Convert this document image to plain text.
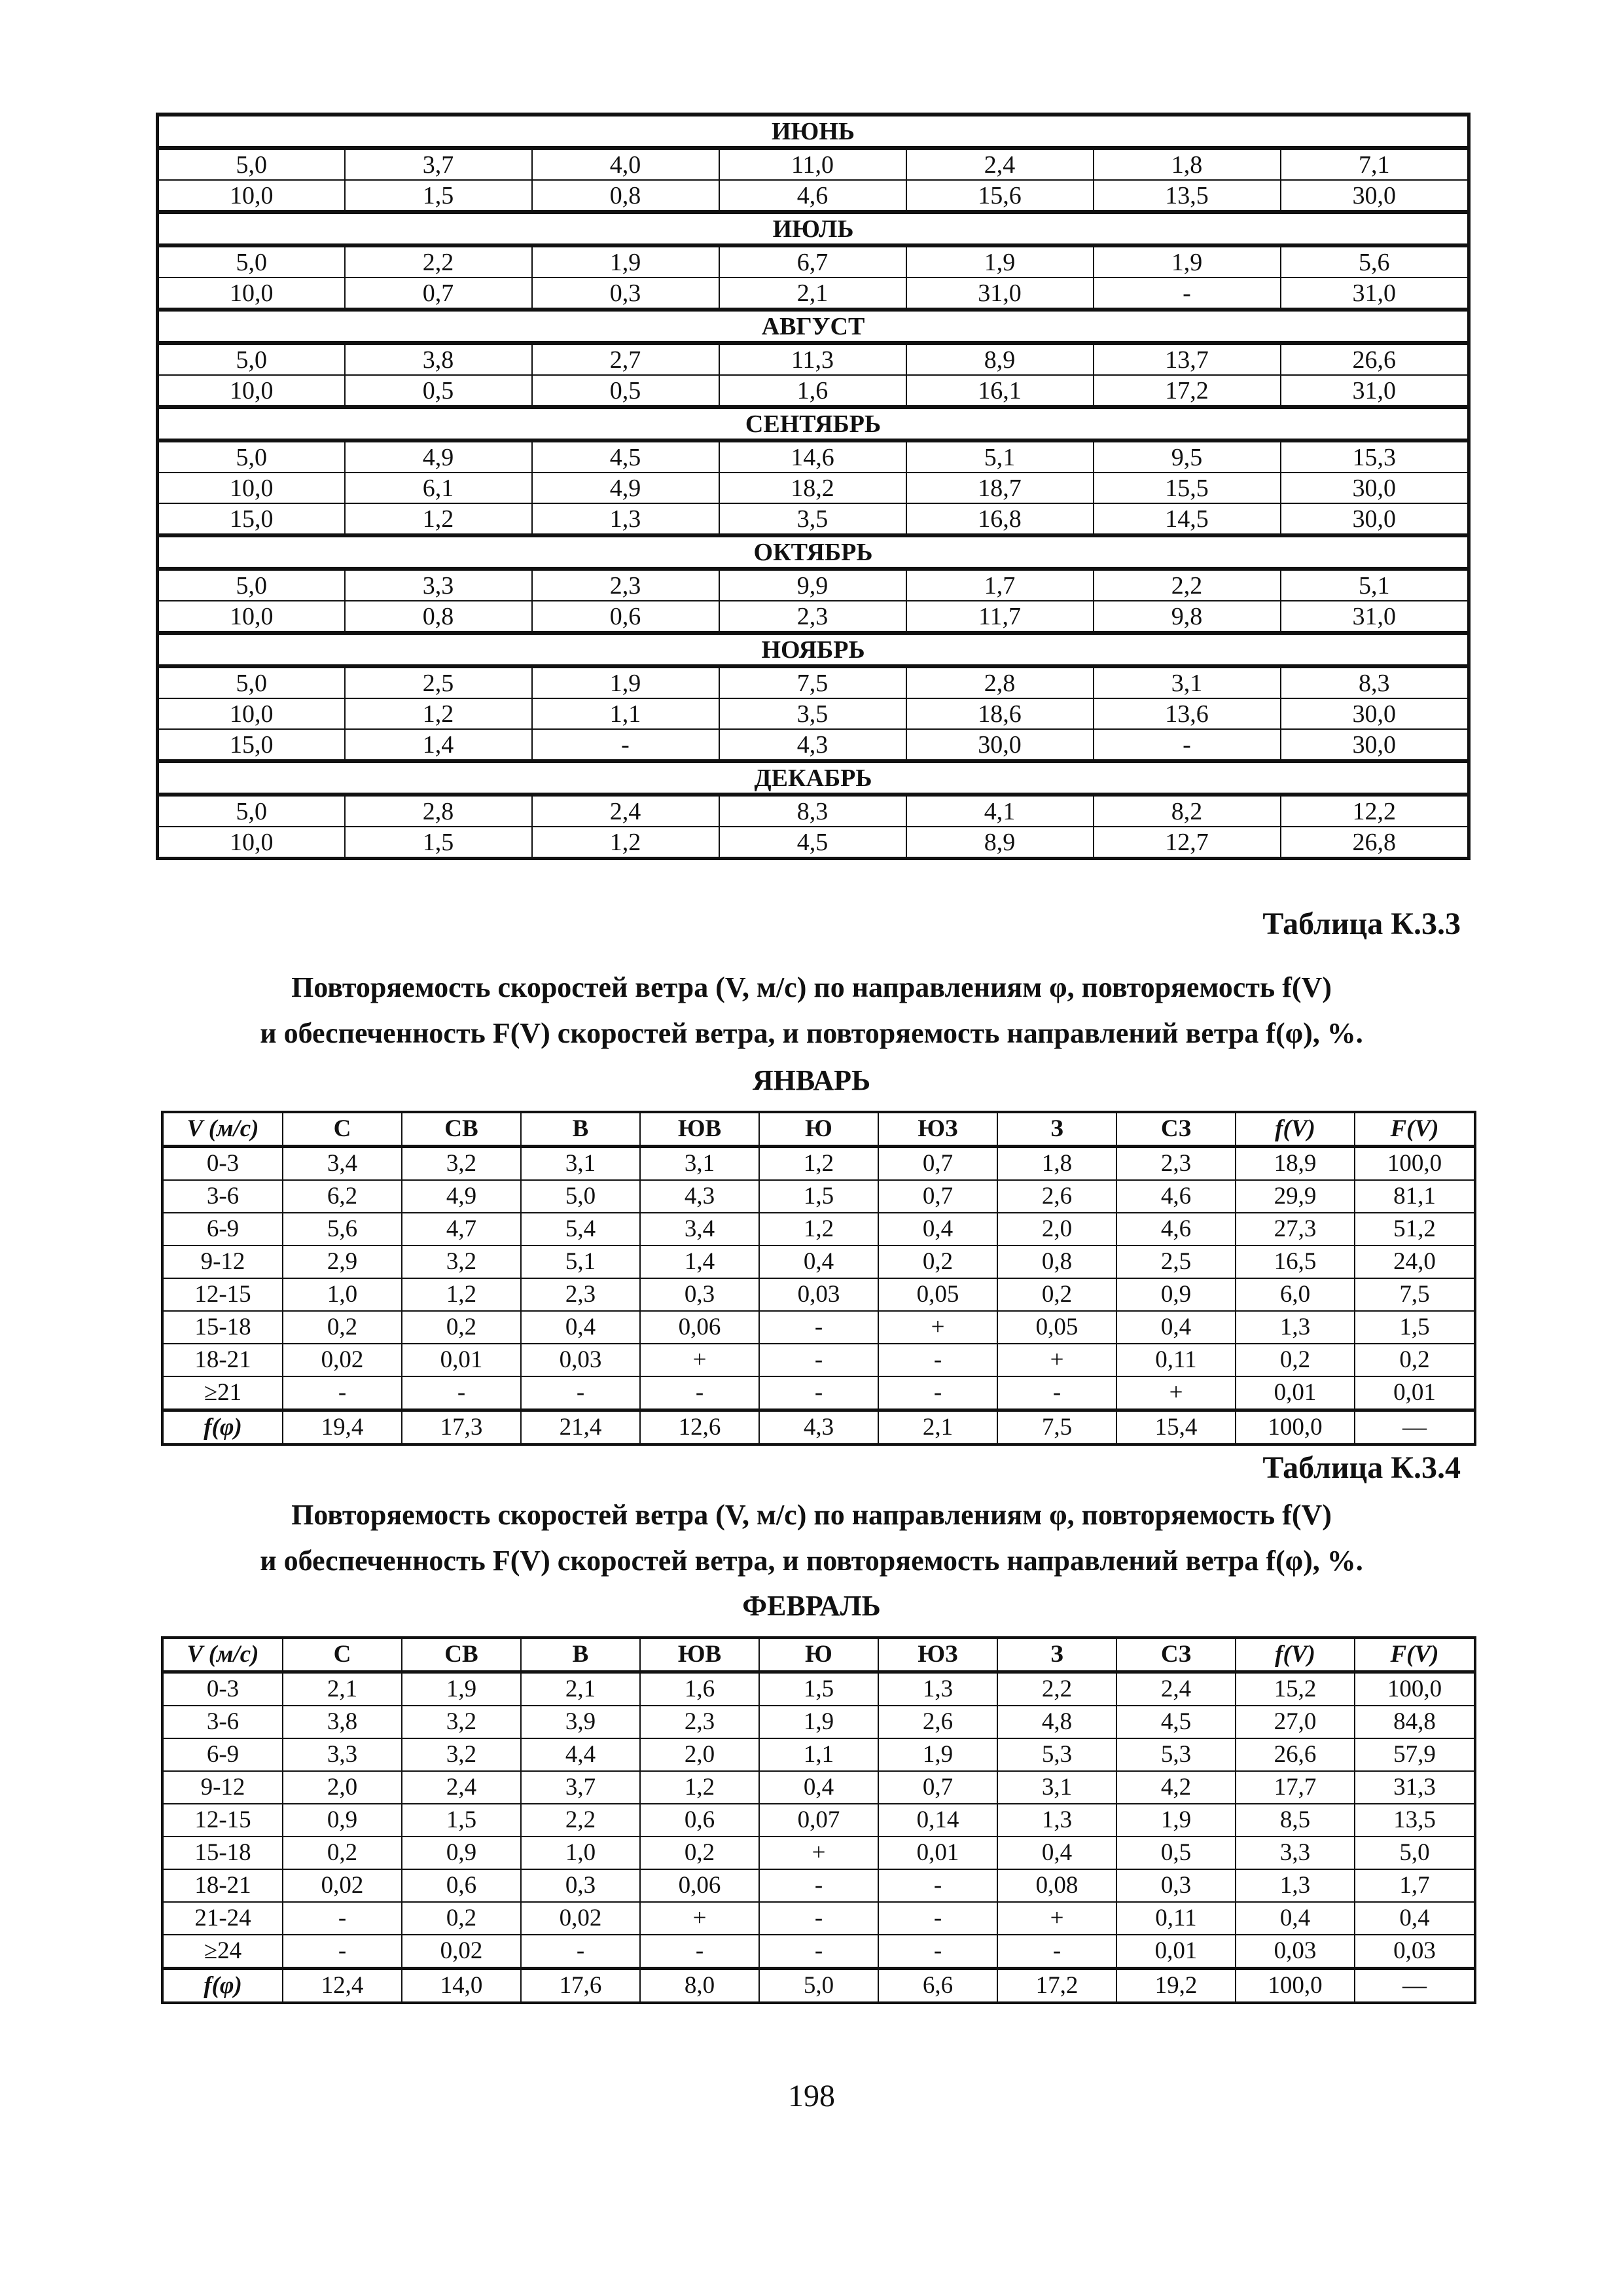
ИЮНЬ						
5,0	3,7	4,0	11,0	2,4	1,8	7,1
10,0	1,5	0,8	4,6	15,6	13,5	30,0
ИЮЛЬ						
5,0	2,2	1,9	6,7	1,9	1,9	5,6
10,0	0,7	0,3	2,1	31,0	-	31,0
АВГУСТ						
5,0	3,8	2,7	11,3	8,9	13,7	26,6
10,0	0,5	0,5	1,6	16,1	17,2	31,0
СЕНТЯБРЬ						
5,0	4,9	4,5	14,6	5,1	9,5	15,3
10,0	6,1	4,9	18,2	18,7	15,5	30,0
15,0	1,2	1,3	3,5	16,8	14,5	30,0
ОКТЯБРЬ						
5,0	3,3	2,3	9,9	1,7	2,2	5,1
10,0	0,8	0,6	2,3	11,7	9,8	31,0
НОЯБРЬ						
5,0	2,5	1,9	7,5	2,8	3,1	8,3
10,0	1,2	1,1	3,5	18,6	13,6	30,0
15,0	1,4	-	4,3	30,0	-	30,0
ДЕКАБРЬ						
5,0	2,8	2,4	8,3	4,1	8,2	12,2
10,0	1,5	1,2	4,5	8,9	12,7	26,8
Таблица К.3.3
Повторяемость скоростей ветра (V, м/с) по направлениям φ, повторяемость f(V)
и обеспеченность F(V) скоростей ветра, и повторяемость направлений ветра f(φ), %.
ЯНВАРЬ
V (м/с)	С	СВ	В	ЮВ	Ю	ЮЗ	З	СЗ	f(V)	F(V)
0-3	3,4	3,2	3,1	3,1	1,2	0,7	1,8	2,3	18,9	100,0
3-6	6,2	4,9	5,0	4,3	1,5	0,7	2,6	4,6	29,9	81,1
6-9	5,6	4,7	5,4	3,4	1,2	0,4	2,0	4,6	27,3	51,2
9-12	2,9	3,2	5,1	1,4	0,4	0,2	0,8	2,5	16,5	24,0
12-15	1,0	1,2	2,3	0,3	0,03	0,05	0,2	0,9	6,0	7,5
15-18	0,2	0,2	0,4	0,06	-	+	0,05	0,4	1,3	1,5
18-21	0,02	0,01	0,03	+	-	-	+	0,11	0,2	0,2
≥21	-	-	-	-	-	-	-	+	0,01	0,01
f(φ)	19,4	17,3	21,4	12,6	4,3	2,1	7,5	15,4	100,0	—
Таблица К.3.4
Повторяемость скоростей ветра (V, м/с) по направлениям φ, повторяемость f(V)
и обеспеченность F(V) скоростей ветра, и повторяемость направлений ветра f(φ), %.
ФЕВРАЛЬ
V (м/с)	С	СВ	В	ЮВ	Ю	ЮЗ	З	СЗ	f(V)	F(V)
0-3	2,1	1,9	2,1	1,6	1,5	1,3	2,2	2,4	15,2	100,0
3-6	3,8	3,2	3,9	2,3	1,9	2,6	4,8	4,5	27,0	84,8
6-9	3,3	3,2	4,4	2,0	1,1	1,9	5,3	5,3	26,6	57,9
9-12	2,0	2,4	3,7	1,2	0,4	0,7	3,1	4,2	17,7	31,3
12-15	0,9	1,5	2,2	0,6	0,07	0,14	1,3	1,9	8,5	13,5
15-18	0,2	0,9	1,0	0,2	+	0,01	0,4	0,5	3,3	5,0
18-21	0,02	0,6	0,3	0,06	-	-	0,08	0,3	1,3	1,7
21-24	-	0,2	0,02	+	-	-	+	0,11	0,4	0,4
≥24	-	0,02	-	-	-	-	-	0,01	0,03	0,03
f(φ)	12,4	14,0	17,6	8,0	5,0	6,6	17,2	19,2	100,0	—
198
